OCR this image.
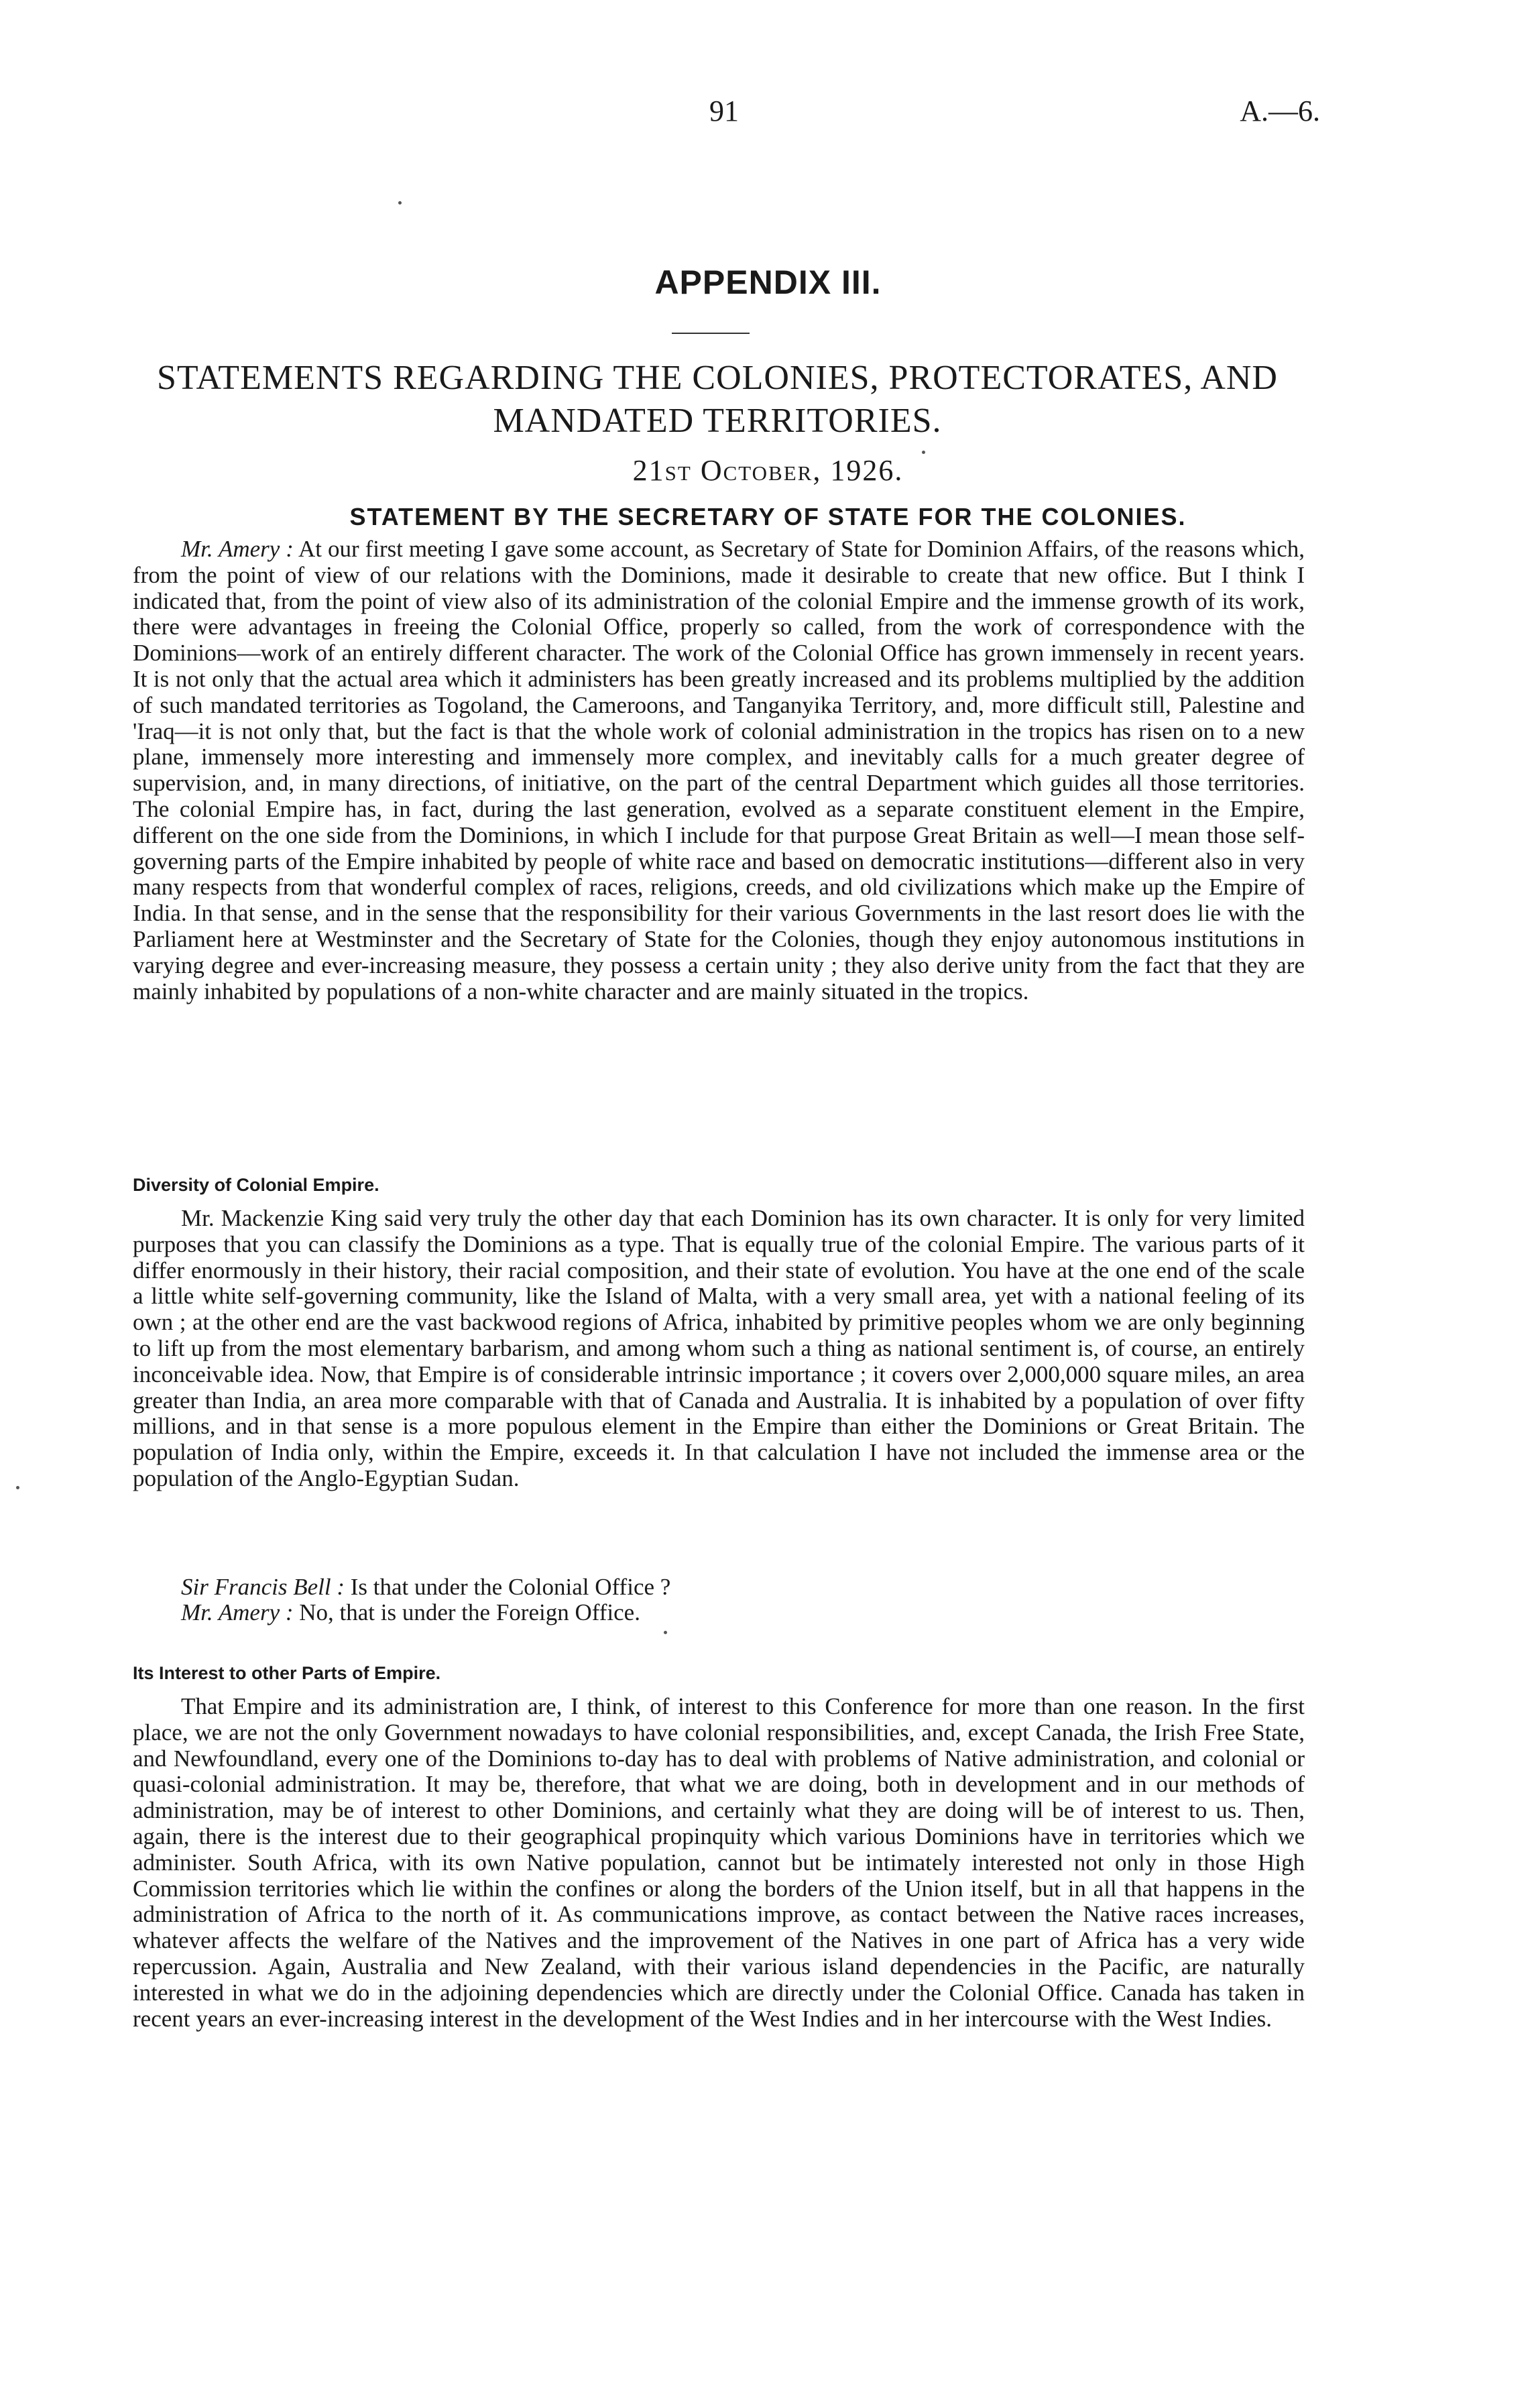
91	A.—6.
APPENDIX III.
STATEMENTS REGARDING THE COLONIES, PROTECTORATES, AND MANDATED TERRITORIES.
21st October, 1926.
STATEMENT BY THE SECRETARY OF STATE FOR THE COLONIES.

Mr. Amery : At our first meeting I gave some account, as Secretary of State for Dominion Affairs, of the reasons which, from the point of view of our relations with the Dominions, made it desirable to create that new office. But I think I indicated that, from the point of view also of its administration of the colonial Empire and the immense growth of its work, there were advantages in freeing the Colonial Office, properly so called, from the work of correspondence with the Dominions—work of an entirely different character. The work of the Colonial Office has grown immensely in recent years. It is not only that the actual area which it administers has been greatly increased and its problems multiplied by the addition of such mandated territories as Togoland, the Cameroons, and Tanganyika Territory, and, more difficult still, Palestine and 'Iraq—it is not only that, but the fact is that the whole work of colonial administration in the tropics has risen on to a new plane, immensely more interesting and immensely more complex, and inevitably calls for a much greater degree of supervision, and, in many directions, of initiative, on the part of the central Department which guides all those territories. The colonial Empire has, in fact, during the last generation, evolved as a separate constituent element in the Empire, different on the one side from the Dominions, in which I include for that purpose Great Britain as well—I mean those self-governing parts of the Empire inhabited by people of white race and based on democratic institutions—different also in very many respects from that wonderful complex of races, religions, creeds, and old civilizations which make up the Empire of India. In that sense, and in the sense that the responsibility for their various Governments in the last resort does lie with the Parliament here at Westminster and the Secretary of State for the Colonies, though they enjoy autonomous institutions in varying degree and ever-increasing measure, they possess a certain unity ; they also derive unity from the fact that they are mainly inhabited by populations of a non-white character and are mainly situated in the tropics.

Diversity of Colonial Empire.

Mr. Mackenzie King said very truly the other day that each Dominion has its own character. It is only for very limited purposes that you can classify the Dominions as a type. That is equally true of the colonial Empire. The various parts of it differ enormously in their history, their racial composition, and their state of evolution. You have at the one end of the scale a little white self-governing community, like the Island of Malta, with a very small area, yet with a national feeling of its own ; at the other end are the vast backwood regions of Africa, inhabited by primitive peoples whom we are only beginning to lift up from the most elementary barbarism, and among whom such a thing as national sentiment is, of course, an entirely inconceivable idea. Now, that Empire is of considerable intrinsic importance ; it covers over 2,000,000 square miles, an area greater than India, an area more comparable with that of Canada and Australia. It is inhabited by a population of over fifty millions, and in that sense is a more populous element in the Empire than either the Dominions or Great Britain. The population of India only, within the Empire, exceeds it. In that calculation I have not included the immense area or the population of the Anglo-Egyptian Sudan.

Sir Francis Bell : Is that under the Colonial Office ?
Mr. Amery : No, that is under the Foreign Office.
Its Interest to other Parts of Empire.

That Empire and its administration are, I think, of interest to this Conference for more than one reason. In the first place, we are not the only Government nowadays to have colonial responsibilities, and, except Canada, the Irish Free State, and Newfoundland, every one of the Dominions to-day has to deal with problems of Native administration, and colonial or quasi-colonial administration. It may be, therefore, that what we are doing, both in development and in our methods of administration, may be of interest to other Dominions, and certainly what they are doing will be of interest to us. Then, again, there is the interest due to their geographical propinquity which various Dominions have in territories which we administer. South Africa, with its own Native population, cannot but be intimately interested not only in those High Commission territories which lie within the confines or along the borders of the Union itself, but in all that happens in the administration of Africa to the north of it. As communications improve, as contact between the Native races increases, whatever affects the welfare of the Natives and the improvement of the Natives in one part of Africa has a very wide repercussion. Again, Australia and New Zealand, with their various island dependencies in the Pacific, are naturally interested in what we do in the adjoining dependencies which are directly under the Colonial Office. Canada has taken in recent years an ever-increasing interest in the development of the West Indies and in her intercourse with the West Indies.
